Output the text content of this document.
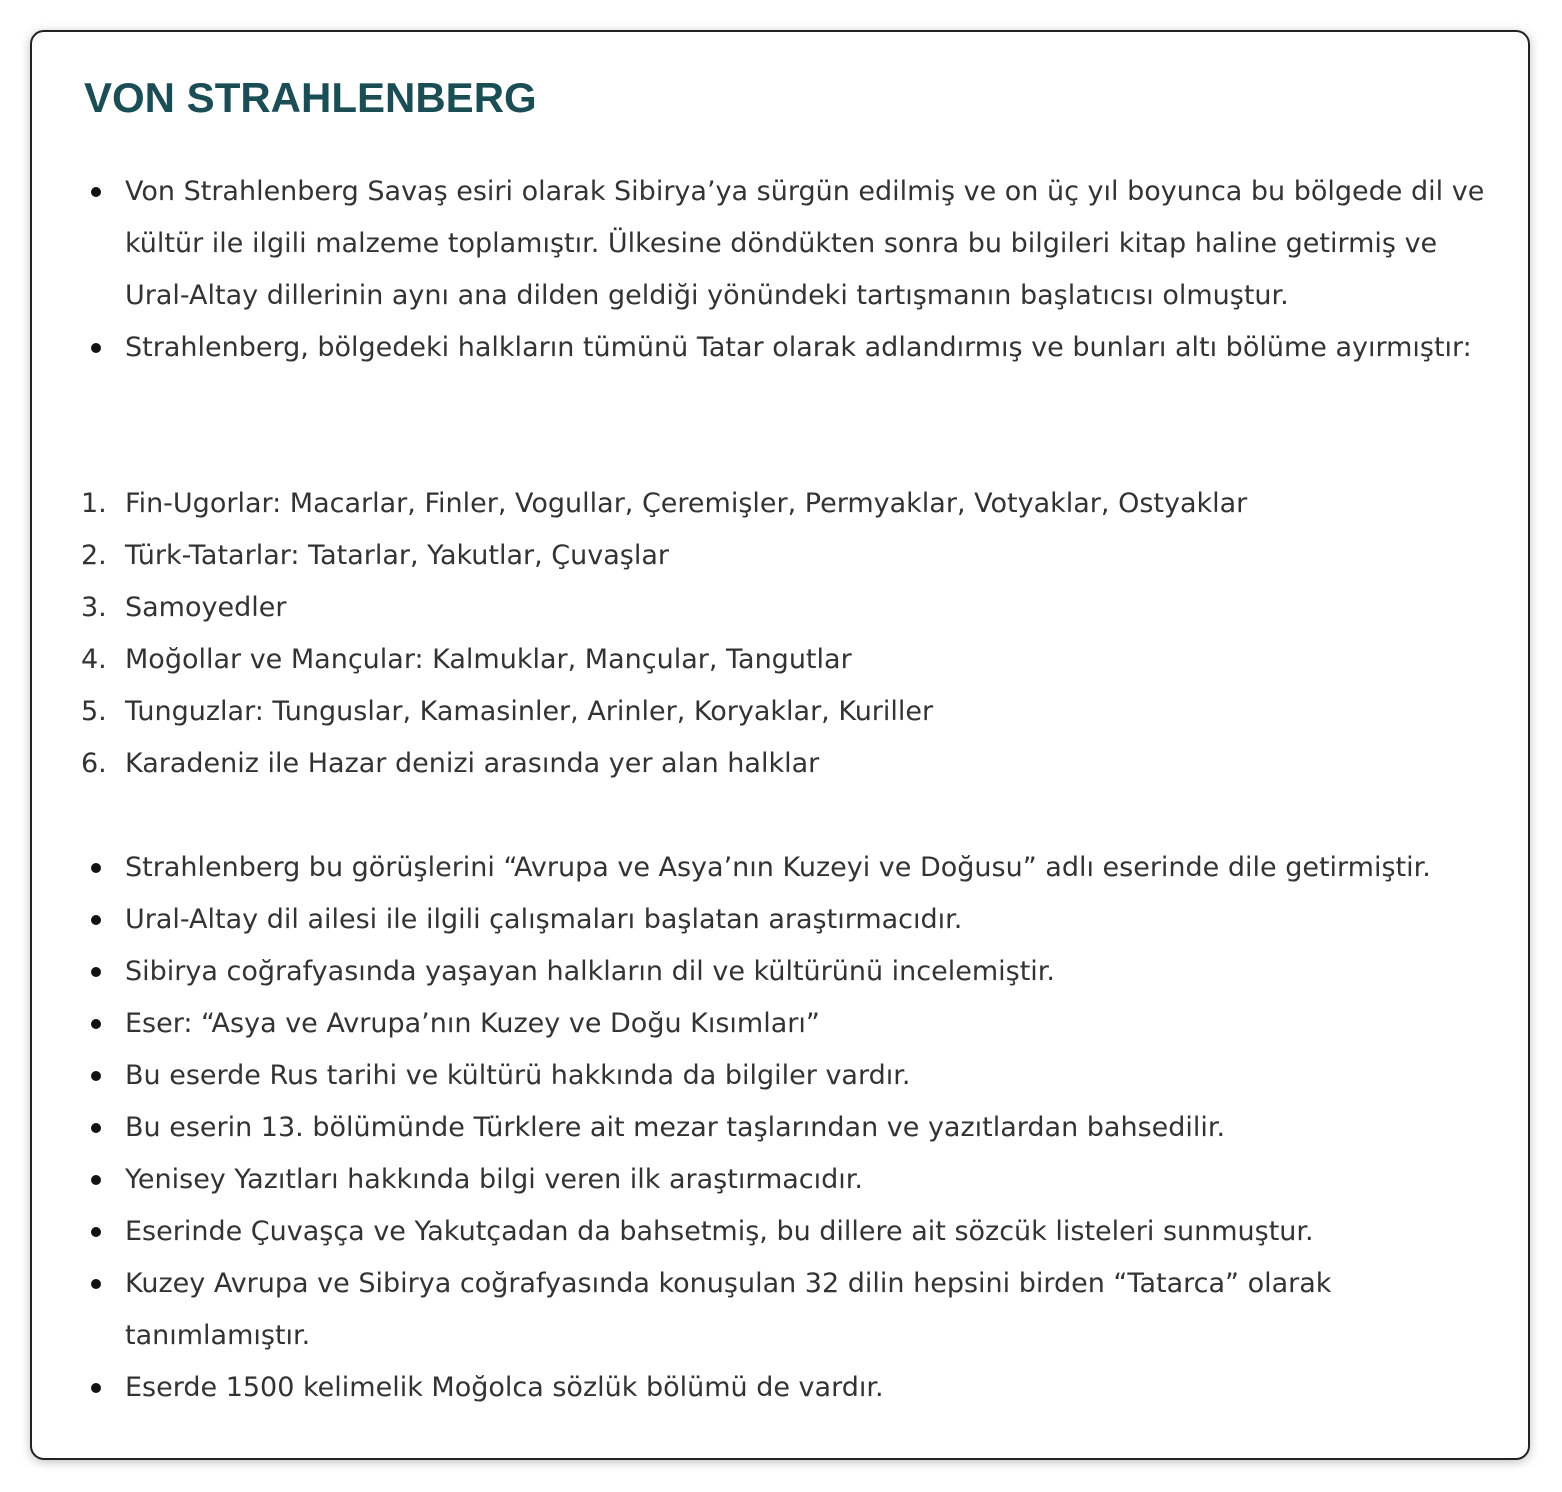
VON STRAHLENBERG
Von Strahlenberg Savaş esiri olarak Sibirya’ya sürgün edilmiş ve on üç yıl boyunca bu bölgede dil ve kültür ile ilgili malzeme toplamıştır. Ülkesine döndükten sonra bu bilgileri kitap haline getirmiş ve Ural-Altay dillerinin aynı ana dilden geldiği yönündeki tartışmanın başlatıcısı olmuştur.
Strahlenberg, bölgedeki halkların tümünü Tatar olarak adlandırmış ve bunları altı bölüme ayırmıştır:
1. Fin-Ugorlar: Macarlar, Finler, Vogullar, Çeremişler, Permyaklar, Votyaklar, Ostyaklar
2. Türk-Tatarlar: Tatarlar, Yakutlar, Çuvaşlar
3. Samoyedler
4. Moğollar ve Mançular: Kalmuklar, Mançular, Tangutlar
5. Tunguzlar: Tunguslar, Kamasinler, Arinler, Koryaklar, Kuriller
6. Karadeniz ile Hazar denizi arasında yer alan halklar
Strahlenberg bu görüşlerini “Avrupa ve Asya’nın Kuzeyi ve Doğusu” adlı eserinde dile getirmiştir.
Ural-Altay dil ailesi ile ilgili çalışmaları başlatan araştırmacıdır.
Sibirya coğrafyasında yaşayan halkların dil ve kültürünü incelemiştir.
Eser: “Asya ve Avrupa’nın Kuzey ve Doğu Kısımları”
Bu eserde Rus tarihi ve kültürü hakkında da bilgiler vardır.
Bu eserin 13. bölümünde Türklere ait mezar taşlarından ve yazıtlardan bahsedilir.
Yenisey Yazıtları hakkında bilgi veren ilk araştırmacıdır.
Eserinde Çuvaşça ve Yakutçadan da bahsetmiş, bu dillere ait sözcük listeleri sunmuştur.
Kuzey Avrupa ve Sibirya coğrafyasında konuşulan 32 dilin hepsini birden “Tatarca” olarak tanımlamıştır.
Eserde 1500 kelimelik Moğolca sözlük bölümü de vardır.
